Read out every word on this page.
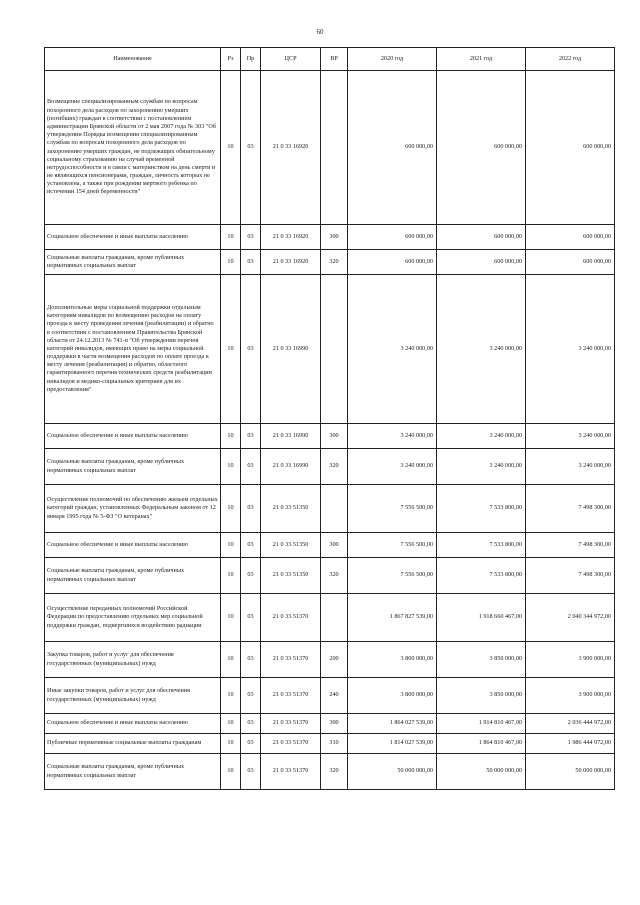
60
Наименование	Рз	Пр	ЦСР	ВР	2020 год	2021 год	2022 год
Возмещение специализированным службам по вопросам похоронного дела расходов по захоронению умерших (погибших) граждан в соответствии с постановлением администрации Брянской области от 2 мая 2007 года № 303 "Об утверждении Порядка возмещения специализированным службам по вопросам похоронного дела расходов по захоронению умерших граждан, не подлежащих обязательному социальному страхованию на случай временной нетрудоспособности и в связи с материнством на день смерти и не являющихся пенсионерами, граждан, личность которых не установлена, а также при рождении мертвого ребенка по истечении 154 дней беременности"	10	03	21 0 33 16920		600 000,00	600 000,00	600 000,00
Социальное обеспечение и иные выплаты населению	10	03	21 0 33 16920	300	600 000,00	600 000,00	600 000,00
Социальные выплаты гражданам, кроме публичных нормативных социальных выплат	10	03	21 0 33 16920	320	600 000,00	600 000,00	600 000,00
Дополнительные меры социальной поддержки отдельным категориям инвалидов по возмещению расходов на оплату проезда к месту проведения лечения (реабилитации) и обратно в соответствии с постановлением Правительства Брянской области от 24.12.2013 № 741-п "Об утверждении перечня категорий инвалидов, имеющих право на меры социальной поддержки в части возмещения расходов по оплате проезда к месту лечения (реабилитации) и обратно, областного гарантированного перечня технических средств реабилитации инвалидов и медико-социальных критериев для их предоставления"	10	03	21 0 33 16990		3 240 000,00	3 240 000,00	3 240 000,00
Социальное обеспечение и иные выплаты населению	10	03	21 0 33 16990	300	3 240 000,00	3 240 000,00	3 240 000,00
Социальные выплаты гражданам, кроме публичных нормативных социальных выплат	10	03	21 0 33 16990	320	3 240 000,00	3 240 000,00	3 240 000,00
Осуществление полномочий по обеспечению жильем отдельных категорий граждан, установленных Федеральным законом от 12 января 1995 года № 5-ФЗ "О ветеранах"	10	03	21 0 33 51350		7 556 500,00	7 533 800,00	7 498 300,00
Социальное обеспечение и иные выплаты населению	10	03	21 0 33 51350	300	7 556 500,00	7 533 800,00	7 498 300,00
Социальные выплаты гражданам, кроме публичных нормативных социальных выплат	10	03	21 0 33 51350	320	7 556 500,00	7 533 800,00	7 498 300,00
Осуществление переданных полномочий Российской Федерации по предоставлению отдельных мер социальной поддержки граждан, подвергшихся воздействию радиации	10	03	21 0 33 51370		1 867 827 539,00	1 918 660 467,00	2 040 344 972,00
Закупка товаров, работ и услуг для обеспечения государственных (муниципальных) нужд	10	03	21 0 33 51370	200	3 800 000,00	3 850 000,00	3 900 000,00
Иные закупки товаров, работ и услуг для обеспечения государственных (муниципальных) нужд	10	03	21 0 33 51370	240	3 800 000,00	3 850 000,00	3 900 000,00
Социальное обеспечение и иные выплаты населению	10	03	21 0 33 51370	300	1 864 027 539,00	1 914 810 467,00	2 036 444 972,00
Публичные нормативные социальные выплаты гражданам	10	03	21 0 33 51370	310	1 814 027 539,00	1 864 810 467,00	1 986 444 972,00
Социальные выплаты гражданам, кроме публичных нормативных социальных выплат	10	03	21 0 33 51370	320	50 000 000,00	50 000 000,00	50 000 000,00
